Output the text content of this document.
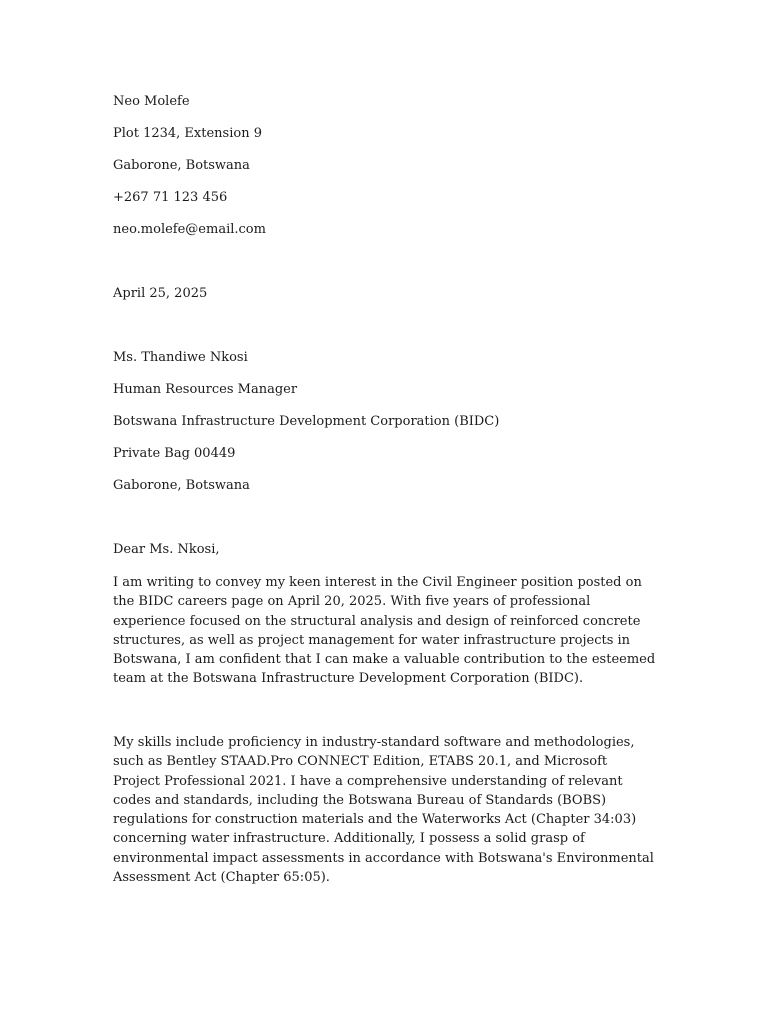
Neo Molefe
Plot 1234, Extension 9
Gaborone, Botswana
+267 71 123 456
neo.molefe@email.com
April 25, 2025
Ms. Thandiwe Nkosi
Human Resources Manager
Botswana Infrastructure Development Corporation (BIDC)
Private Bag 00449
Gaborone, Botswana
Dear Ms. Nkosi,

I am writing to convey my keen interest in the Civil Engineer position posted on the BIDC careers page on April 20, 2025. With five years of professional experience focused on the structural analysis and design of reinforced concrete structures, as well as project management for water infrastructure projects in Botswana, I am confident that I can make a valuable contribution to the esteemed team at the Botswana Infrastructure Development Corporation (BIDC).

My skills include proficiency in industry-standard software and methodologies, such as Bentley STAAD.Pro CONNECT Edition, ETABS 20.1, and Microsoft Project Professional 2021. I have a comprehensive understanding of relevant codes and standards, including the Botswana Bureau of Standards (BOBS) regulations for construction materials and the Waterworks Act (Chapter 34:03) concerning water infrastructure. Additionally, I possess a solid grasp of environmental impact assessments in accordance with Botswana's Environmental Assessment Act (Chapter 65:05).
